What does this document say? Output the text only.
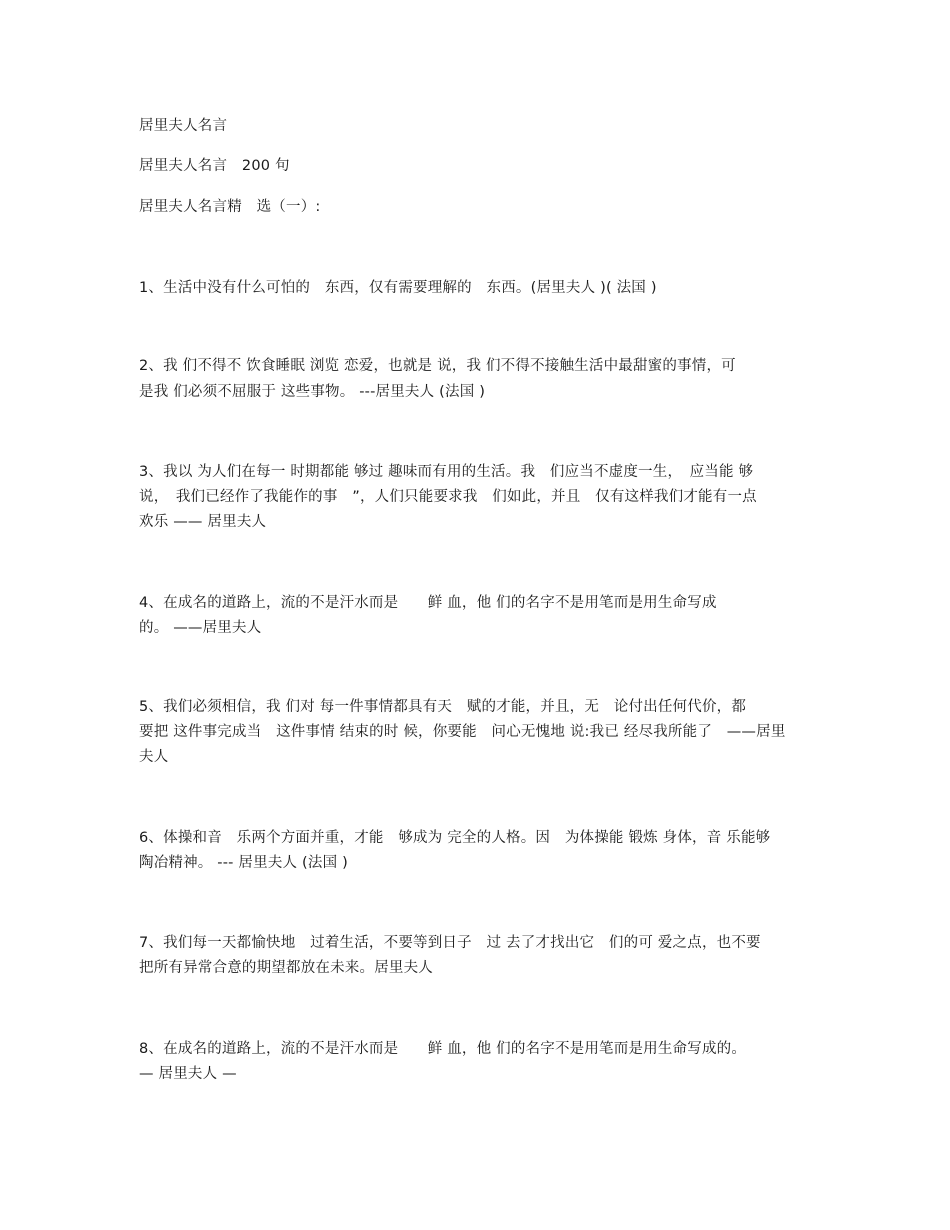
居里夫人名言
居里夫人名言　200 句
居里夫人名言精　选（一）:
1、生活中没有什么可怕的　东西，仅有需要理解的　东西。(居里夫人 )( 法国 )
2、我 们不得不 饮食睡眠 浏览 恋爱，也就是 说，我 们不得不接触生活中最甜蜜的事情，可
是我 们必须不屈服于 这些事物。 ---居里夫人 (法国 )
3、我以 为人们在每一 时期都能 够过 趣味而有用的生活。我　们应当不虚度一生，　应当能 够
说，　我们已经作了我能作的事　”，人们只能要求我　们如此，并且　仅有这样我们才能有一点
欢乐 —— 居里夫人
4、在成名的道路上，流的不是汗水而是　　鲜 血，他 们的名字不是用笔而是用生命写成
的。 ——居里夫人
5、我们必须相信，我 们对 每一件事情都具有天　赋的才能，并且，无　论付出任何代价，都
要把 这件事完成当　这件事情 结束的时 候，你要能　问心无愧地 说:我已 经尽我所能了　——居里
夫人
6、体操和音　乐两个方面并重，才能　够成为 完全的人格。因　为体操能 锻炼 身体，音 乐能够
陶冶精神。 --- 居里夫人 (法国 )
7、我们每一天都愉快地　过着生活，不要等到日子　过 去了才找出它　们的可 爱之点，也不要
把所有异常合意的期望都放在未来。居里夫人
8、在成名的道路上，流的不是汗水而是　　鲜 血，他 们的名字不是用笔而是用生命写成的。
— 居里夫人 —
